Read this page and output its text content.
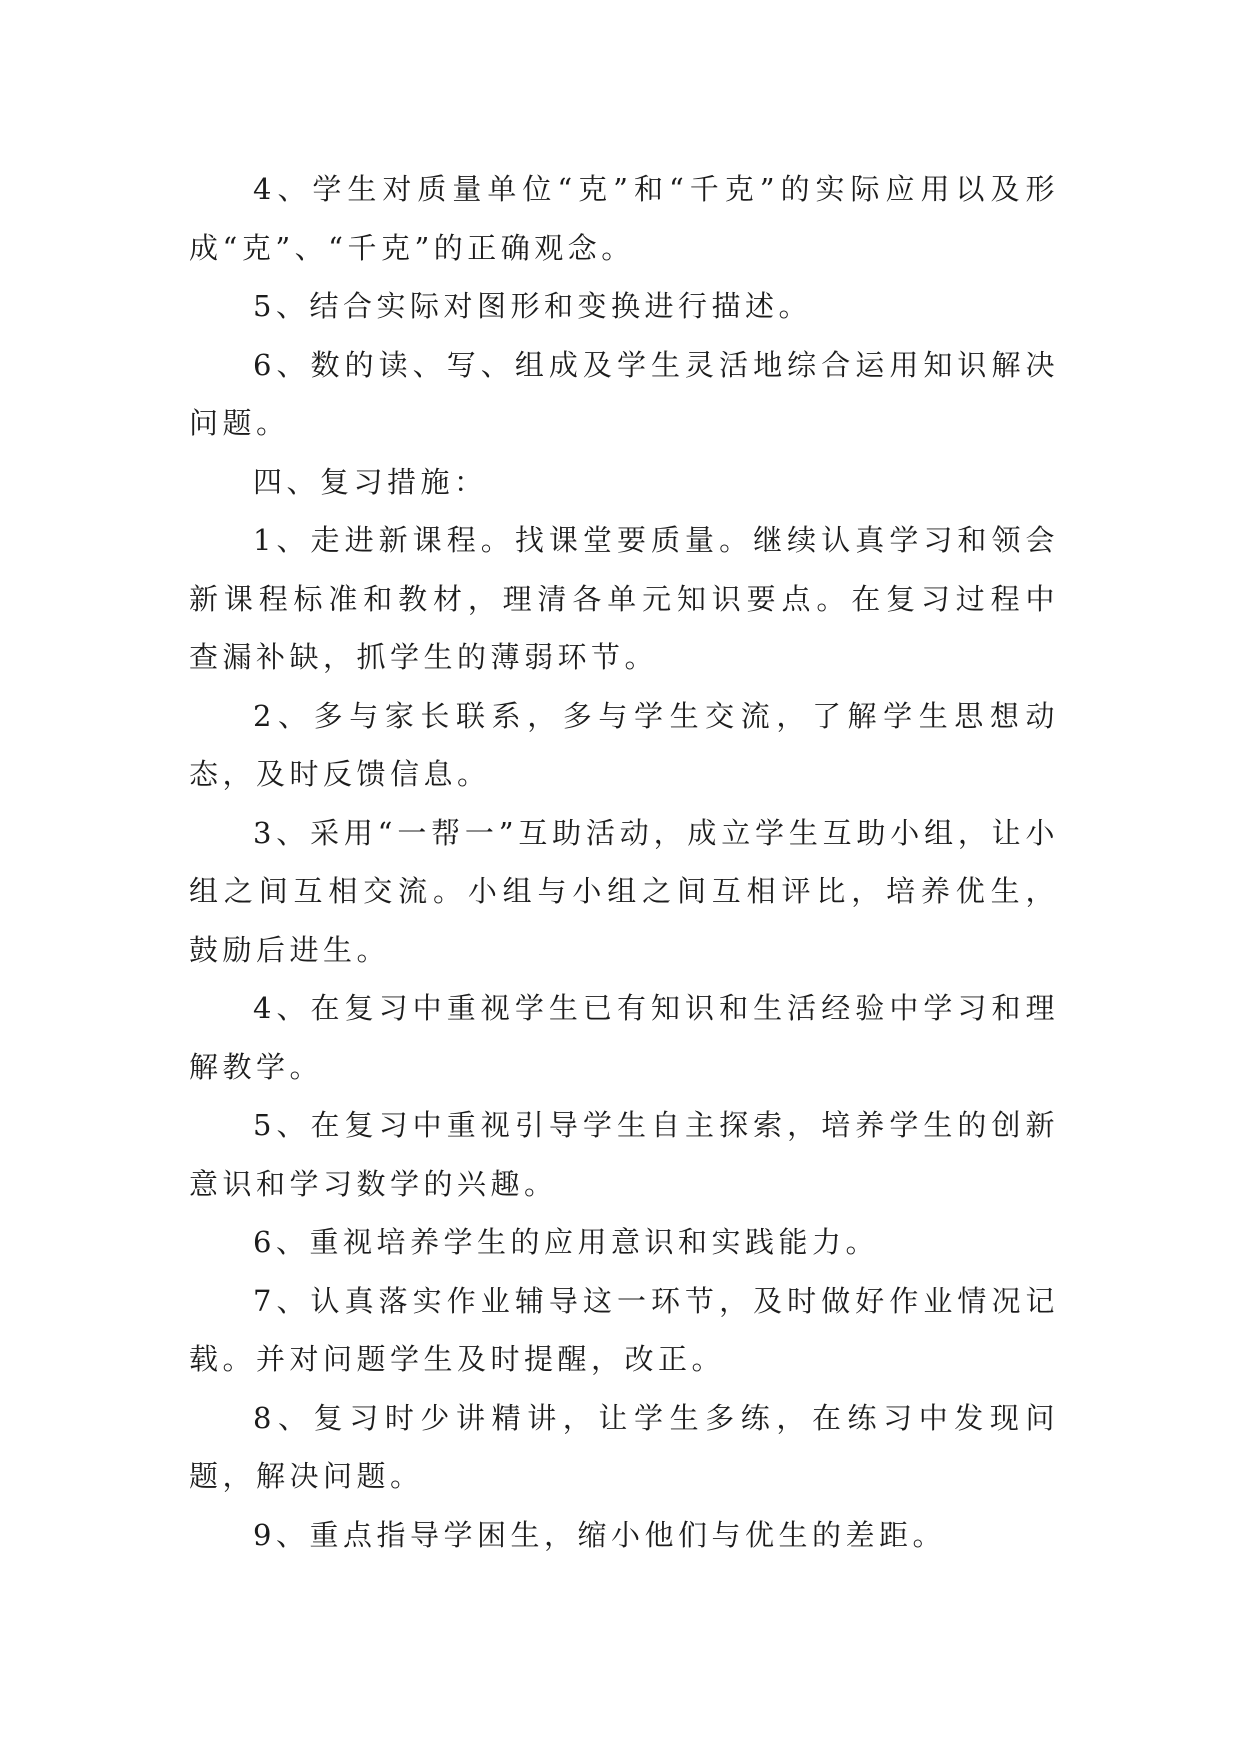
4、学生对质量单位“克”和“千克”的实际应用以及形成“克”、“千克”的正确观念。

5、结合实际对图形和变换进行描述。

6、数的读、写、组成及学生灵活地综合运用知识解决问题。

四、复习措施：

1、走进新课程。找课堂要质量。继续认真学习和领会新课程标准和教材，理清各单元知识要点。在复习过程中查漏补缺，抓学生的薄弱环节。

2、多与家长联系，多与学生交流，了解学生思想动态，及时反馈信息。

3、采用“一帮一”互助活动，成立学生互助小组，让小组之间互相交流。小组与小组之间互相评比，培养优生，鼓励后进生。

4、在复习中重视学生已有知识和生活经验中学习和理解教学。

5、在复习中重视引导学生自主探索，培养学生的创新意识和学习数学的兴趣。

6、重视培养学生的应用意识和实践能力。

7、认真落实作业辅导这一环节，及时做好作业情况记载。并对问题学生及时提醒，改正。

8、复习时少讲精讲，让学生多练，在练习中发现问题，解决问题。

9、重点指导学困生，缩小他们与优生的差距。
